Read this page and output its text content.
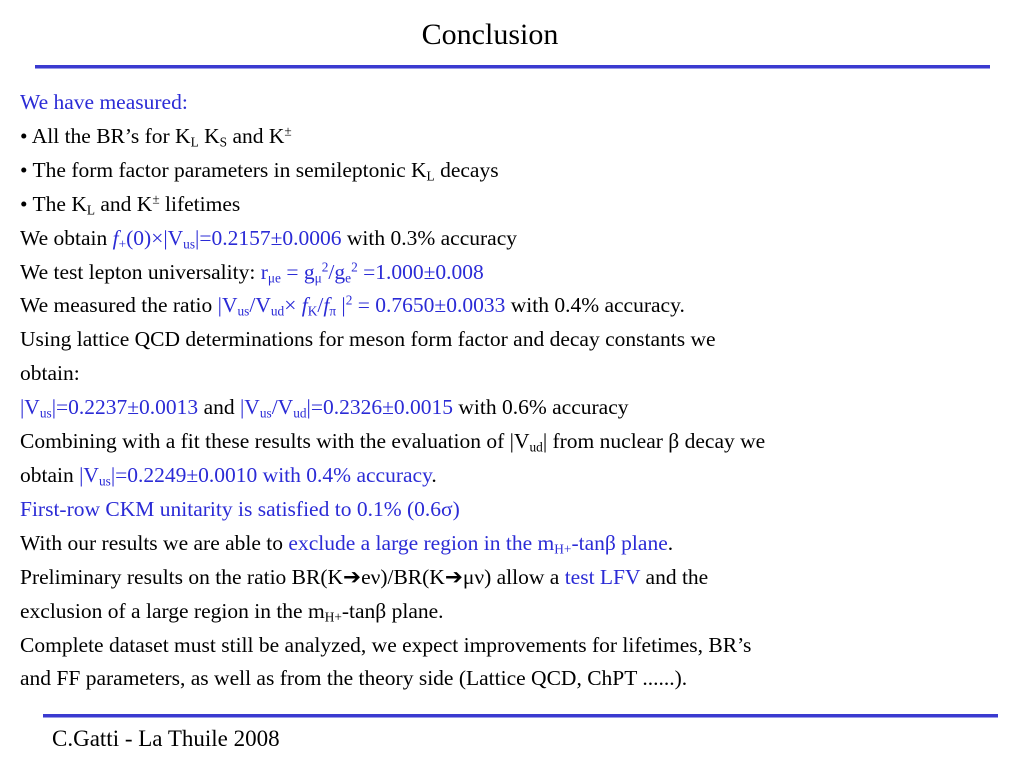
Conclusion
We have measured:
• All the BR’s for $K_L$ $K_S$ and K±
• The form factor parameters in semileptonic $K_L$ decays
• The $K_L$ and K± lifetimes
We obtain $f_+(0)\times|V_{us}|=0.2157\pm 0.0006$ with 0.3% accuracy
We test lepton universality: $r_{\mu e} = g_\mu^2/g_e^2 =1.000\pm 0.008$
We measured the ratio $|V_{us}/V_{ud}\times f_K/f_\pi$ $|^2 = 0.7650\pm 0.0033$ with 0.4% accuracy.
Using lattice QCD determinations for meson form factor and decay constants we
obtain:
$|V_{us}|=0.2237\pm 0.0013$ and $|V_{us}/V_{ud}|=0.2326\pm 0.0015$ with 0.6% accuracy
Combining with a fit these results with the evaluation of $|V_{ud}|$ from nuclear β decay we
obtain $|V_{us}|=0.2249\pm 0.0010$ with 0.4% accuracy.
First-row CKM unitarity is satisfied to 0.1% (0.6σ)
With our results we are able to exclude a large region in the $m_{H+}$-tanβ plane.
Preliminary results on the ratio BR(K➔eν)/BR(K➔μν) allow a test LFV and the
exclusion of a large region in the $m_{H+}$-tanβ plane.
Complete dataset must still be analyzed, we expect improvements for lifetimes, BR’s
and FF parameters, as well as from the theory side (Lattice QCD, ChPT ......).
C.Gatti - La Thuile 2008
